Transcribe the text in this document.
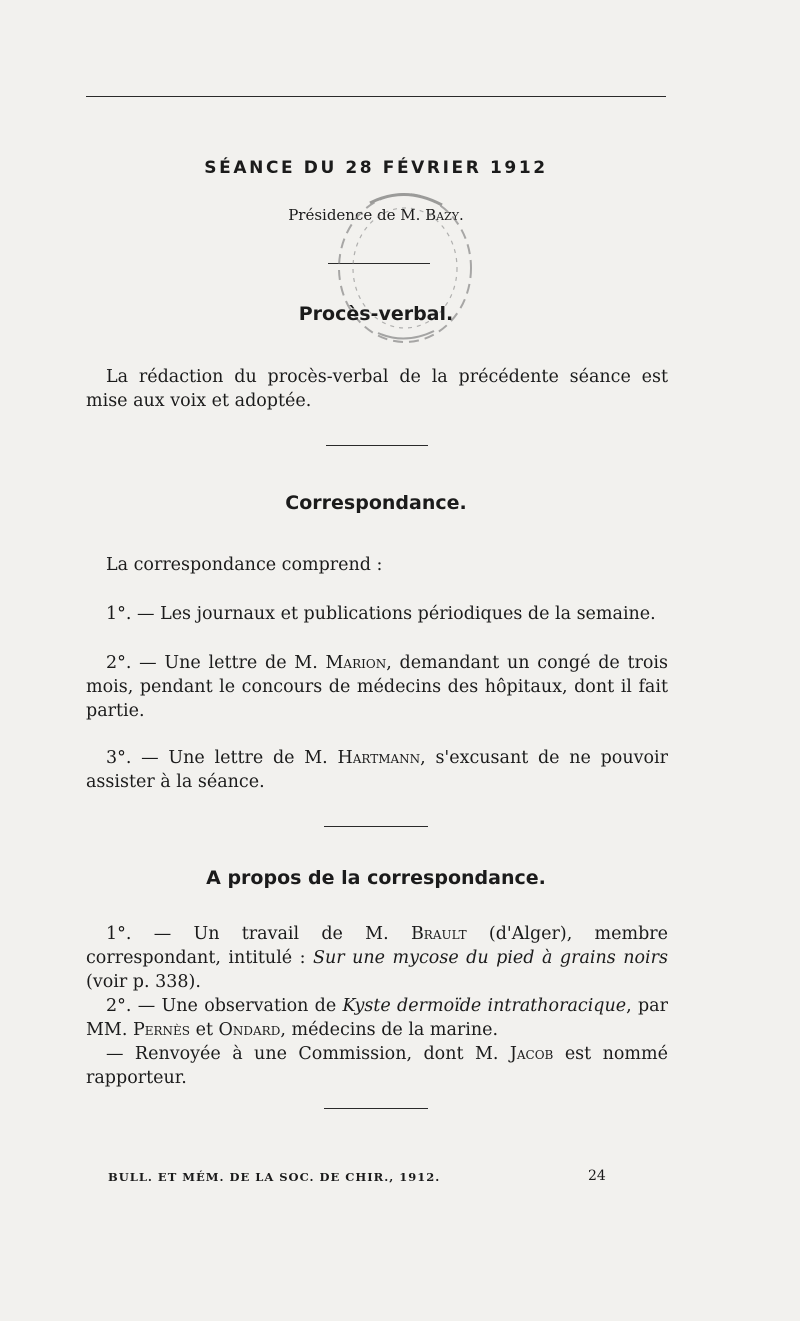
SÉANCE DU 28 FÉVRIER 1912
Présidence de M. Bazy.
Procès-verbal.
La rédaction du procès-verbal de la précédente séance est mise aux voix et adoptée.
Correspondance.
La correspondance comprend :
1°. — Les journaux et publications périodiques de la semaine.
2°. — Une lettre de M. Marion, demandant un congé de trois mois, pendant le concours de médecins des hôpitaux, dont il fait partie.
3°. — Une lettre de M. Hartmann, s'excusant de ne pouvoir assister à la séance.
A propos de la correspondance.
1°. — Un travail de M. Brault (d'Alger), membre correspondant, intitulé : Sur une mycose du pied à grains noirs (voir p. 338).
2°. — Une observation de Kyste dermoïde intrathoracique, par MM. Pernès et Ondard, médecins de la marine.
— Renvoyée à une Commission, dont M. Jacob est nommé rapporteur.
BULL. ET MÉM. DE LA SOC. DE CHIR., 1912.	24
